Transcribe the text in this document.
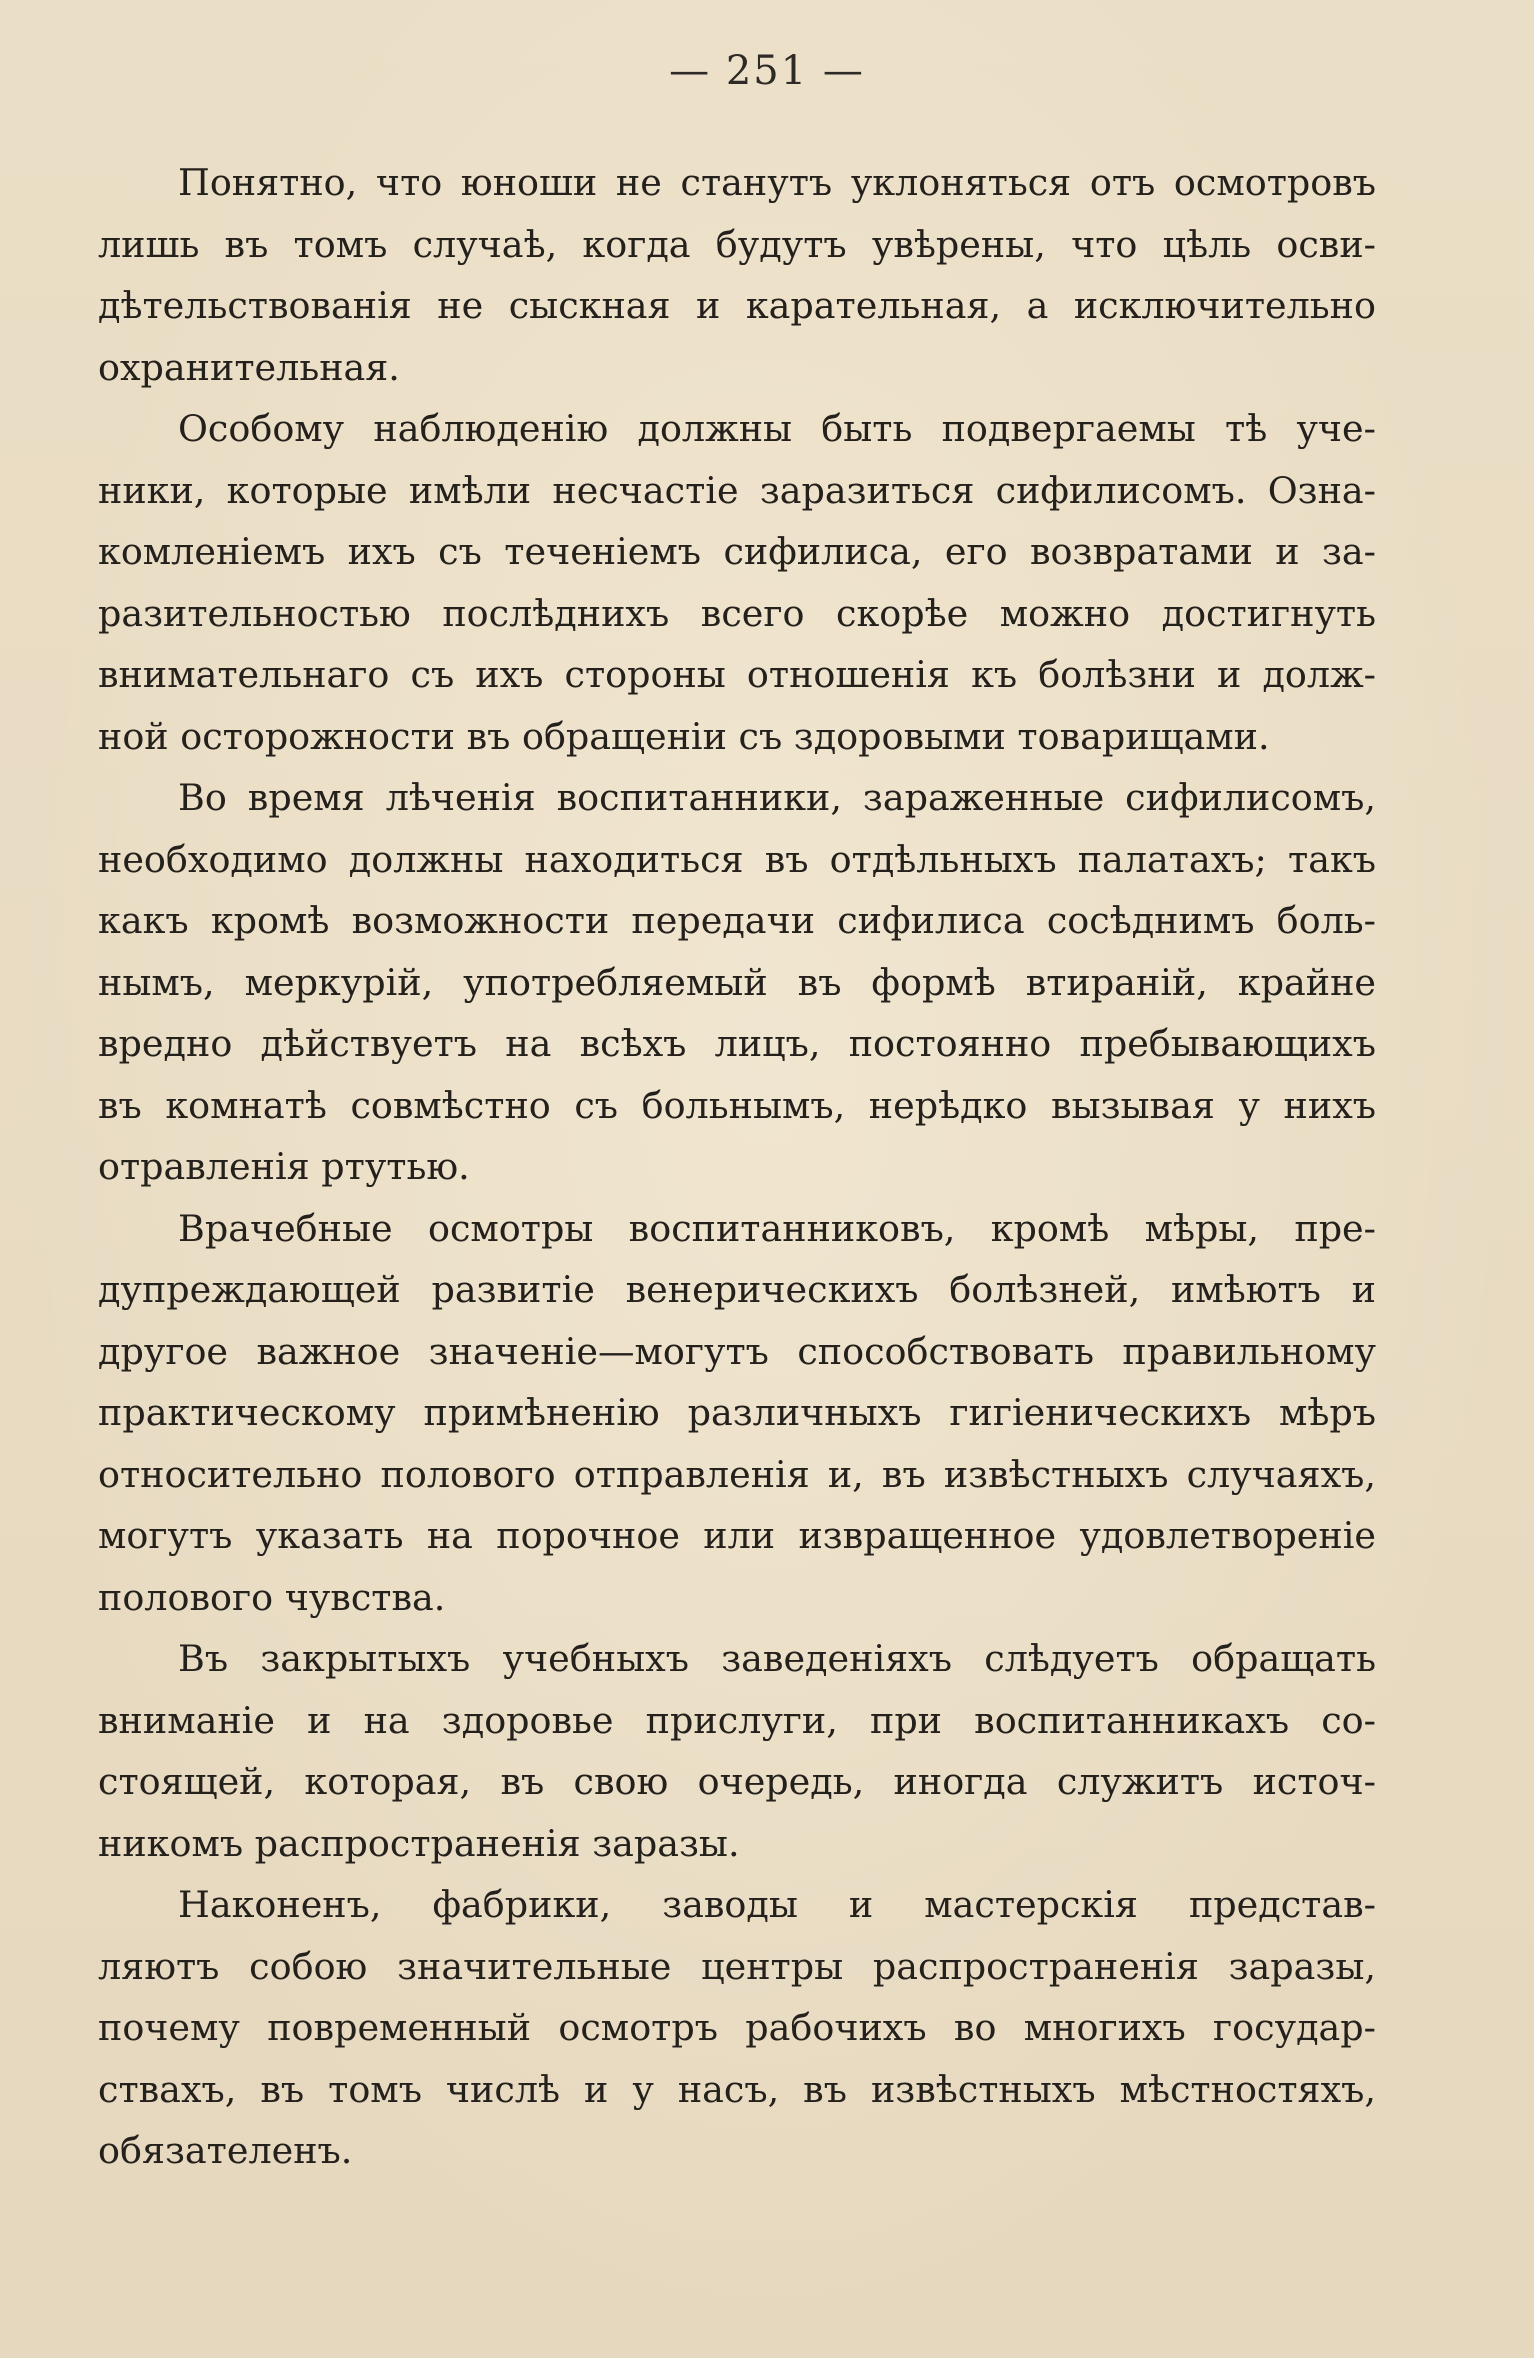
— 251 —
Понятно, что юноши не станутъ уклоняться отъ осмотровъ
лишь въ томъ случаѣ, когда будутъ увѣрены, что цѣль осви-
дѣтельствованія не сыскная и карательная, а исключительно
охранительная.
Особому наблюденію должны быть подвергаемы тѣ уче-
ники, которые имѣли несчастіе заразиться сифилисомъ. Озна-
комленіемъ ихъ съ теченіемъ сифилиса, его возвратами и за-
разительностью послѣднихъ всего скорѣе можно достигнуть
внимательнаго съ ихъ стороны отношенія къ болѣзни и долж-
ной осторожности въ обращеніи съ здоровыми товарищами.
Во время лѣченія воспитанники, зараженные сифилисомъ,
необходимо должны находиться въ отдѣльныхъ палатахъ; такъ
какъ кромѣ возможности передачи сифилиса сосѣднимъ боль-
нымъ, меркурій, употребляемый въ формѣ втираній, крайне
вредно дѣйствуетъ на всѣхъ лицъ, постоянно пребывающихъ
въ комнатѣ совмѣстно съ больнымъ, нерѣдко вызывая у нихъ
отравленія ртутью.
Врачебные осмотры воспитанниковъ, кромѣ мѣры, пре-
дупреждающей развитіе венерическихъ болѣзней, имѣютъ и
другое важное значеніе—могутъ способствовать правильному
практическому примѣненію различныхъ гигіеническихъ мѣръ
относительно полового отправленія и, въ извѣстныхъ случаяхъ,
могутъ указать на порочное или извращенное удовлетвореніе
полового чувства.
Въ закрытыхъ учебныхъ заведеніяхъ слѣдуетъ обращать
вниманіе и на здоровье прислуги, при воспитанникахъ со-
стоящей, которая, въ свою очередь, иногда служитъ источ-
никомъ распространенія заразы.
Наконенъ, фабрики, заводы и мастерскія представ-
ляютъ собою значительные центры распространенія заразы,
почему повременный осмотръ рабочихъ во многихъ государ-
ствахъ, въ томъ числѣ и у насъ, въ извѣстныхъ мѣстностяхъ,
обязателенъ.
